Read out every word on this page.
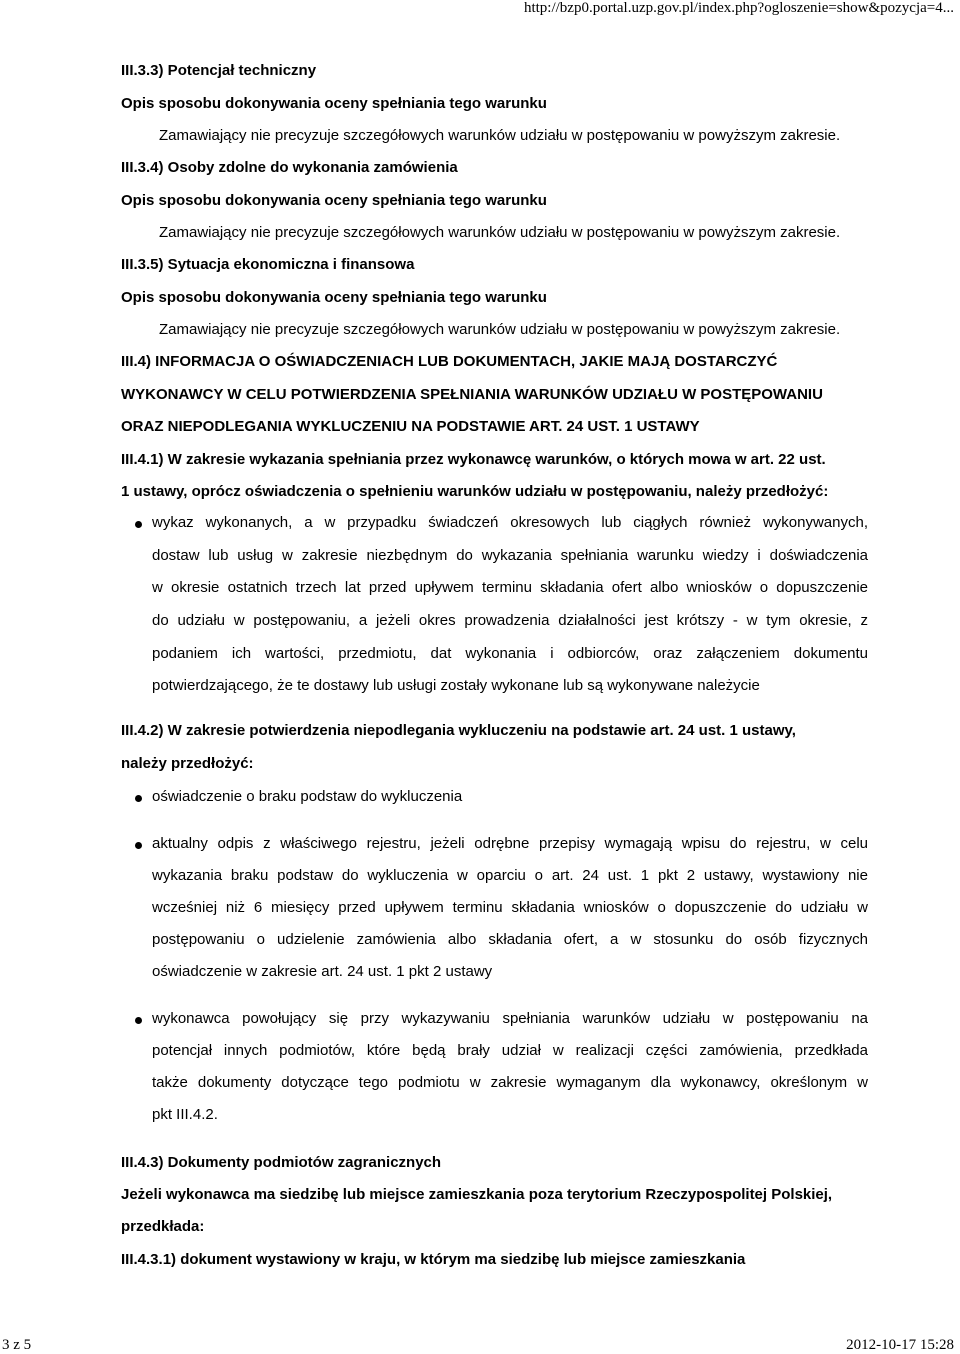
http://bzp0.portal.uzp.gov.pl/index.php?ogloszenie=show&pozycja=4...
III.3.3) Potencjał techniczny
Opis sposobu dokonywania oceny spełniania tego warunku
Zamawiający nie precyzuje szczegółowych warunków udziału w postępowaniu w powyższym zakresie.
III.3.4) Osoby zdolne do wykonania zamówienia
Opis sposobu dokonywania oceny spełniania tego warunku
Zamawiający nie precyzuje szczegółowych warunków udziału w postępowaniu w powyższym zakresie.
III.3.5) Sytuacja ekonomiczna i finansowa
Opis sposobu dokonywania oceny spełniania tego warunku
Zamawiający nie precyzuje szczegółowych warunków udziału w postępowaniu w powyższym zakresie.
III.4) INFORMACJA O OŚWIADCZENIACH LUB DOKUMENTACH, JAKIE MAJĄ DOSTARCZYĆ
WYKONAWCY W CELU POTWIERDZENIA SPEŁNIANIA WARUNKÓW UDZIAŁU W POSTĘPOWANIU
ORAZ NIEPODLEGANIA WYKLUCZENIU NA PODSTAWIE ART. 24 UST. 1 USTAWY
III.4.1) W zakresie wykazania spełniania przez wykonawcę warunków, o których mowa w art. 22 ust.
1 ustawy, oprócz oświadczenia o spełnieniu warunków udziału w postępowaniu, należy przedłożyć:
wykaz wykonanych, a w przypadku świadczeń okresowych lub ciągłych również wykonywanych,
dostaw lub usług w zakresie niezbędnym do wykazania spełniania warunku wiedzy i doświadczenia
w okresie ostatnich trzech lat przed upływem terminu składania ofert albo wniosków o dopuszczenie
do udziału w postępowaniu, a jeżeli okres prowadzenia działalności jest krótszy - w tym okresie, z
podaniem ich wartości, przedmiotu, dat wykonania i odbiorców, oraz załączeniem dokumentu
potwierdzającego, że te dostawy lub usługi zostały wykonane lub są wykonywane należycie
III.4.2) W zakresie potwierdzenia niepodlegania wykluczeniu na podstawie art. 24 ust. 1 ustawy,
należy przedłożyć:
oświadczenie o braku podstaw do wykluczenia
aktualny odpis z właściwego rejestru, jeżeli odrębne przepisy wymagają wpisu do rejestru, w celu
wykazania braku podstaw do wykluczenia w oparciu o art. 24 ust. 1 pkt 2 ustawy, wystawiony nie
wcześniej niż 6 miesięcy przed upływem terminu składania wniosków o dopuszczenie do udziału w
postępowaniu o udzielenie zamówienia albo składania ofert, a w stosunku do osób fizycznych
oświadczenie w zakresie art. 24 ust. 1 pkt 2 ustawy
wykonawca powołujący się przy wykazywaniu spełniania warunków udziału w postępowaniu na
potencjał innych podmiotów, które będą brały udział w realizacji części zamówienia, przedkłada
także dokumenty dotyczące tego podmiotu w zakresie wymaganym dla wykonawcy, określonym w
pkt III.4.2.
III.4.3) Dokumenty podmiotów zagranicznych
Jeżeli wykonawca ma siedzibę lub miejsce zamieszkania poza terytorium Rzeczypospolitej Polskiej,
przedkłada:
III.4.3.1) dokument wystawiony w kraju, w którym ma siedzibę lub miejsce zamieszkania
3 z 5	2012-10-17 15:28
